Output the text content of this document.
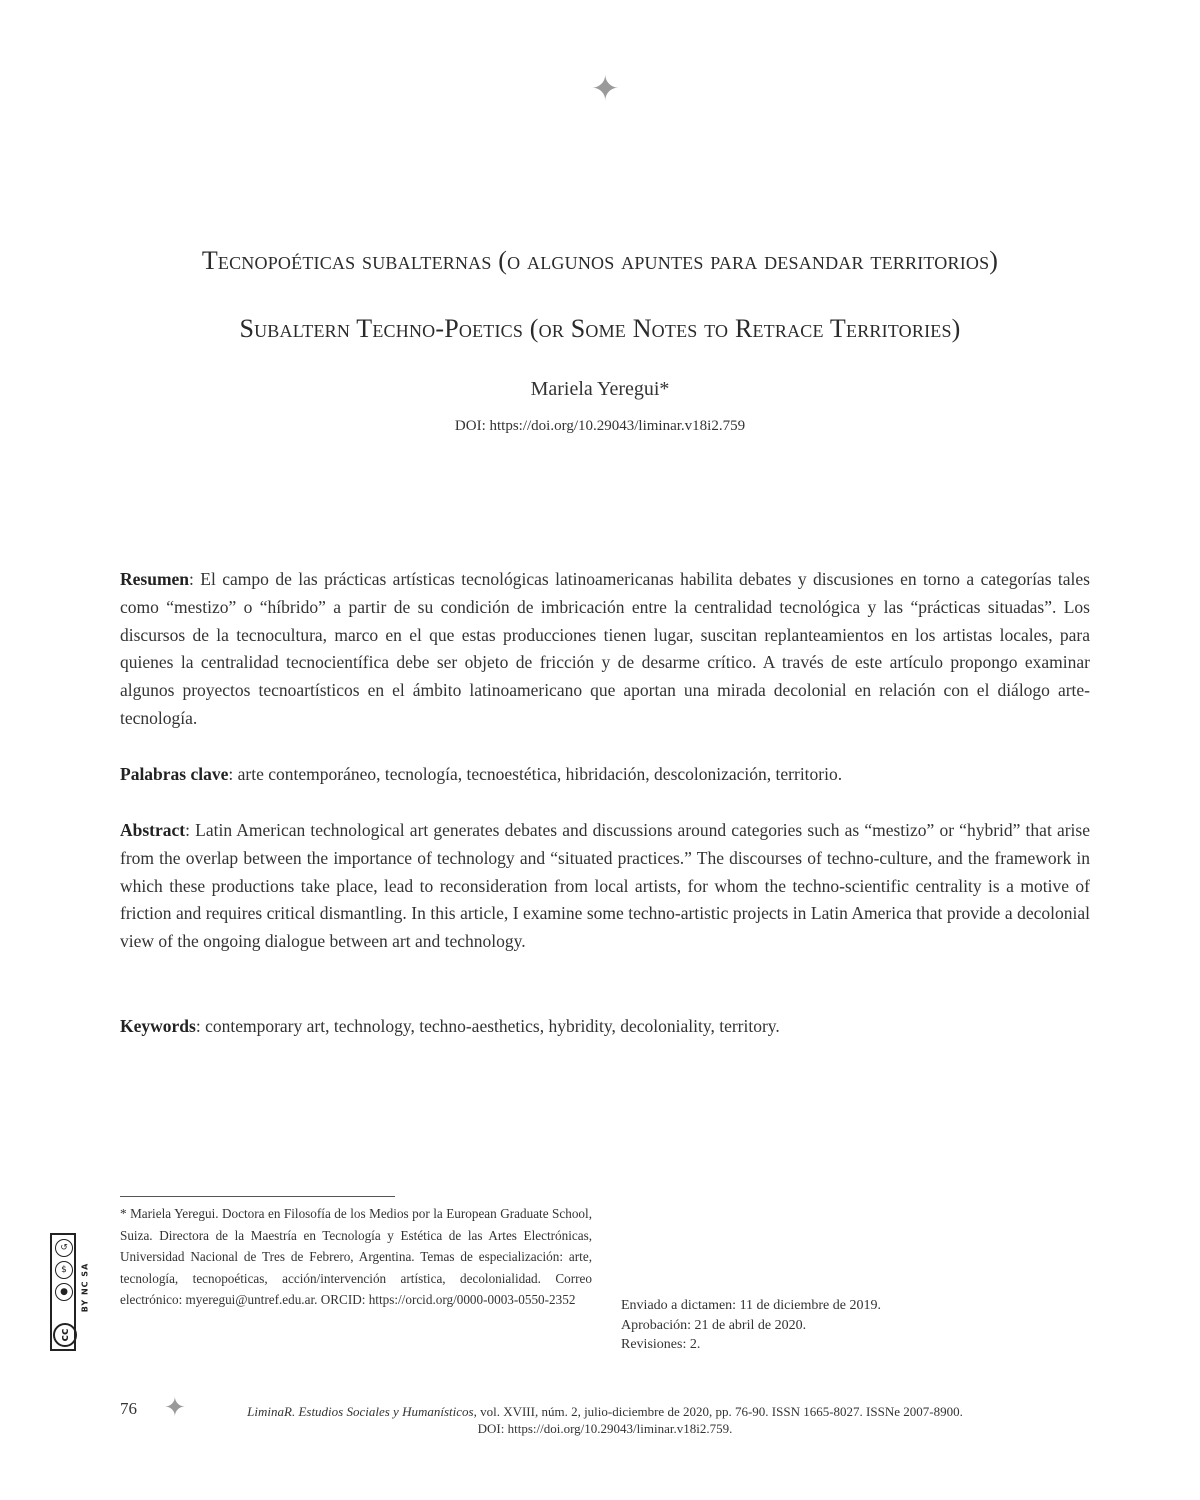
✦
Tecnopoéticas subalternas (o algunos apuntes para desandar territorios)
Subaltern Techno-Poetics (or Some Notes to Retrace Territories)
Mariela Yeregui*
DOI: https://doi.org/10.29043/liminar.v18i2.759
Resumen: El campo de las prácticas artísticas tecnológicas latinoamericanas habilita debates y discusiones en torno a categorías tales como “mestizo” o “híbrido” a partir de su condición de imbricación entre la centralidad tecnológica y las “prácticas situadas”. Los discursos de la tecnocultura, marco en el que estas producciones tienen lugar, suscitan replanteamientos en los artistas locales, para quienes la centralidad tecnocientífica debe ser objeto de fricción y de desarme crítico. A través de este artículo propongo examinar algunos proyectos tecnoartísticos en el ámbito latinoamericano que aportan una mirada decolonial en relación con el diálogo arte-tecnología.
Palabras clave: arte contemporáneo, tecnología, tecnoestética, hibridación, descolonización, territorio.
Abstract: Latin American technological art generates debates and discussions around categories such as “mestizo” or “hybrid” that arise from the overlap between the importance of technology and “situated practices.” The discourses of techno-culture, and the framework in which these productions take place, lead to reconsideration from local artists, for whom the techno-scientific centrality is a motive of friction and requires critical dismantling. In this article, I examine some techno-artistic projects in Latin America that provide a decolonial view of the ongoing dialogue between art and technology.
Keywords: contemporary art, technology, techno-aesthetics, hybridity, decoloniality, territory.
* Mariela Yeregui. Doctora en Filosofía de los Medios por la European Graduate School, Suiza. Directora de la Maestría en Tecnología y Estética de las Artes Electrónicas, Universidad Nacional de Tres de Febrero, Argentina. Temas de especialización: arte, tecnología, tecnopoéticas, acción/intervención artística, decolonialidad. Correo electrónico: myeregui@untref.edu.ar. ORCID: https://orcid.org/0000-0003-0550-2352
↺
$
●
cc
BY NC SA	Enviado a dictamen: 11 de diciembre de 2019.
Aprobación: 21 de abril de 2020.
Revisiones: 2.
76 ✦	LiminaR. Estudios Sociales y Humanísticos, vol. XVIII, núm. 2, julio-diciembre de 2020, pp. 76-90. ISSN 1665-8027. ISSNe 2007-8900.
DOI: https://doi.org/10.29043/liminar.v18i2.759.
